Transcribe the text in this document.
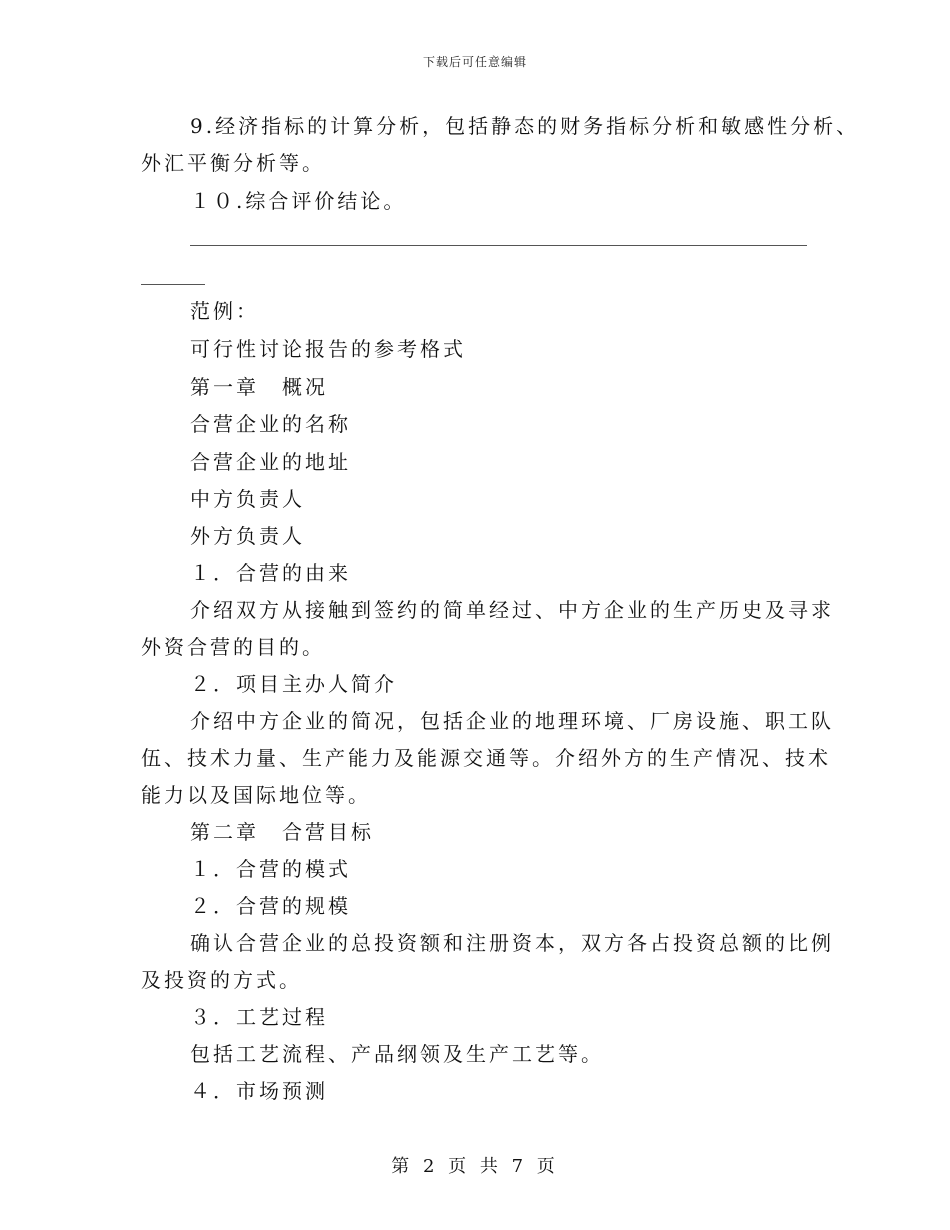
下载后可任意编辑
9.经济指标的计算分析，包括静态的财务指标分析和敏感性分析、
外汇平衡分析等。
１０.综合评价结论。
范例：
可行性讨论报告的参考格式
第一章　概况
合营企业的名称
合营企业的地址
中方负责人
外方负责人
１．合营的由来
介绍双方从接触到签约的简单经过、中方企业的生产历史及寻求
外资合营的目的。
２．项目主办人简介
介绍中方企业的简况，包括企业的地理环境、厂房设施、职工队
伍、技术力量、生产能力及能源交通等。介绍外方的生产情况、技术
能力以及国际地位等。
第二章　合营目标
１．合营的模式
２．合营的规模
确认合营企业的总投资额和注册资本，双方各占投资总额的比例
及投资的方式。
３．工艺过程
包括工艺流程、产品纲领及生产工艺等。
４．市场预测
第 2 页 共 7 页
